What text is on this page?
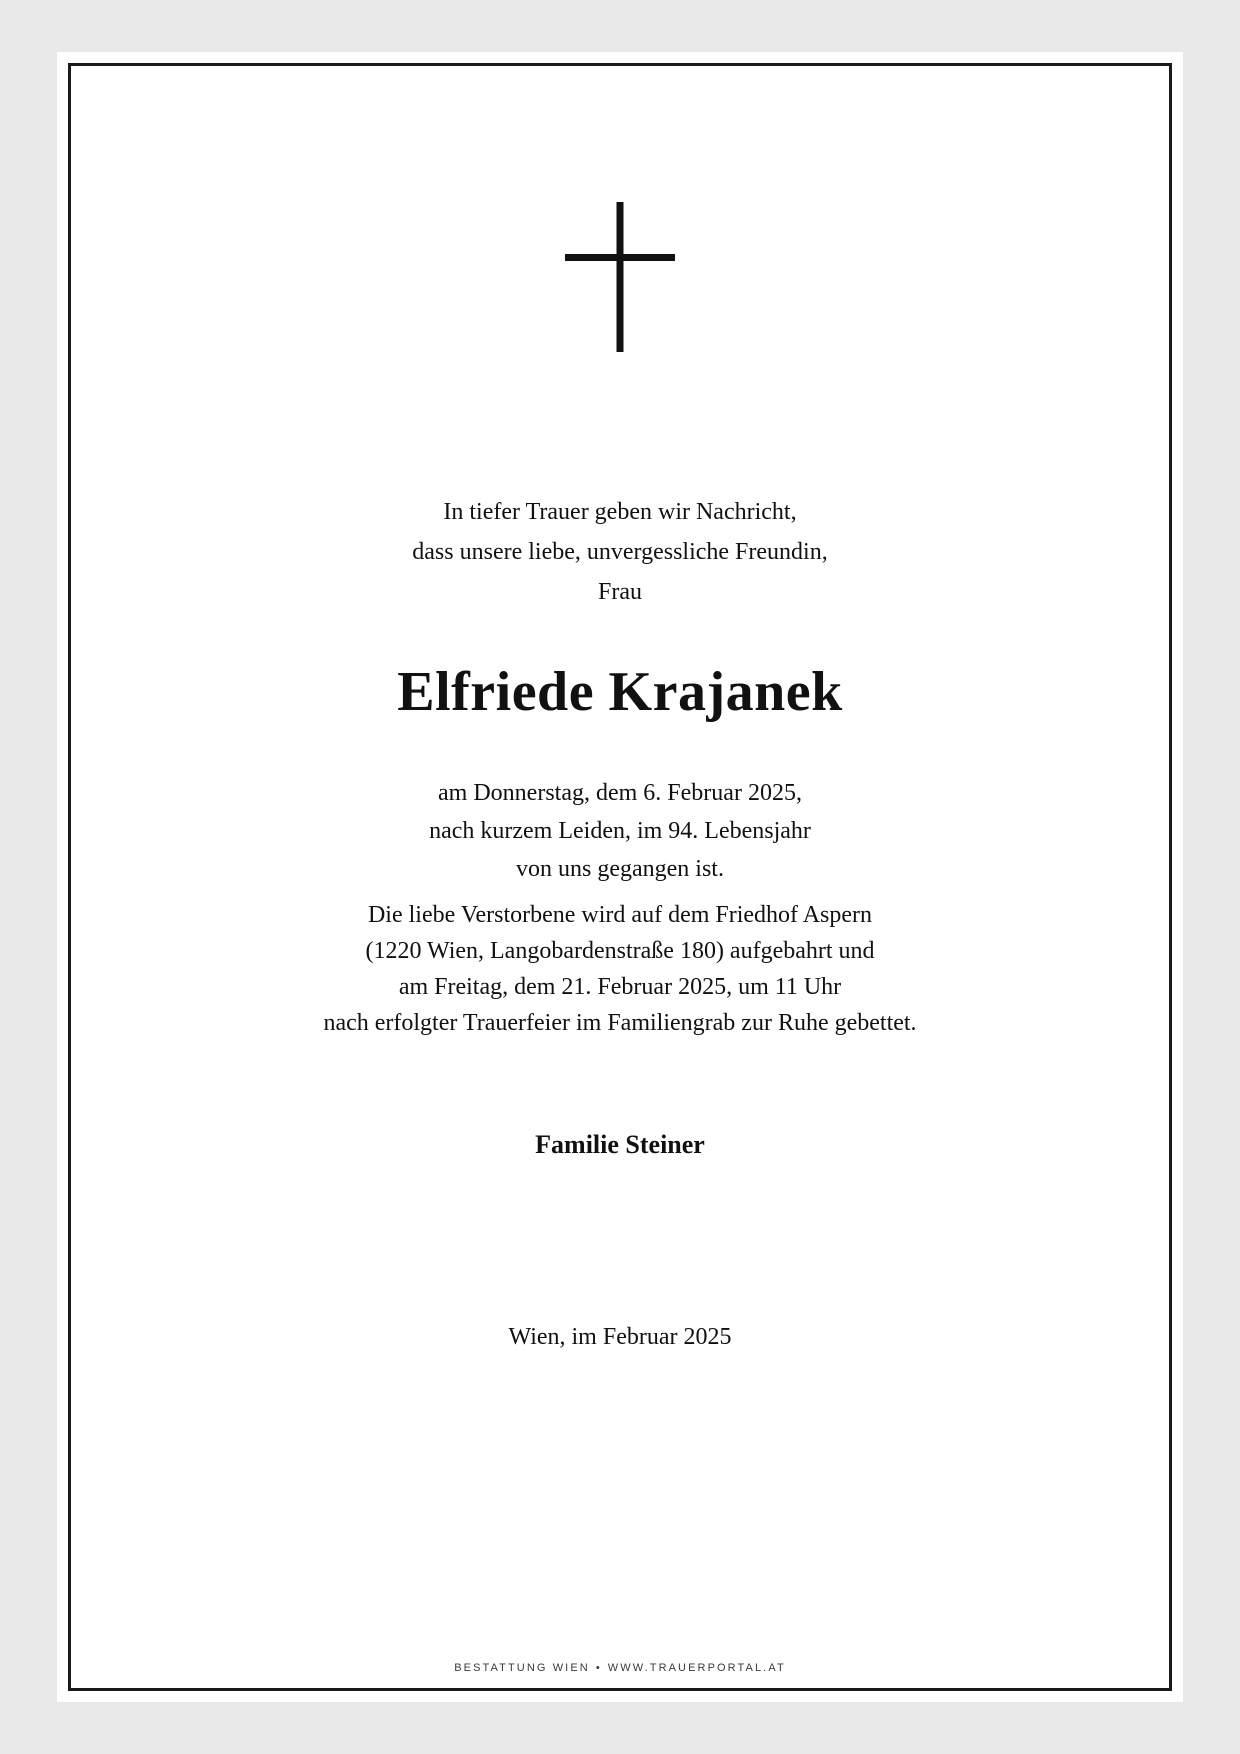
In tiefer Trauer geben wir Nachricht,
dass unsere liebe, unvergessliche Freundin,
Frau
Elfriede Krajanek
am Donnerstag, dem 6. Februar 2025,
nach kurzem Leiden, im 94. Lebensjahr
von uns gegangen ist.
Die liebe Verstorbene wird auf dem Friedhof Aspern
(1220 Wien, Langobardenstraße 180) aufgebahrt und
am Freitag, dem 21. Februar 2025, um 11 Uhr
nach erfolgter Trauerfeier im Familiengrab zur Ruhe gebettet.
Familie Steiner
Wien, im Februar 2025
BESTATTUNG WIEN • WWW.TRAUERPORTAL.AT
